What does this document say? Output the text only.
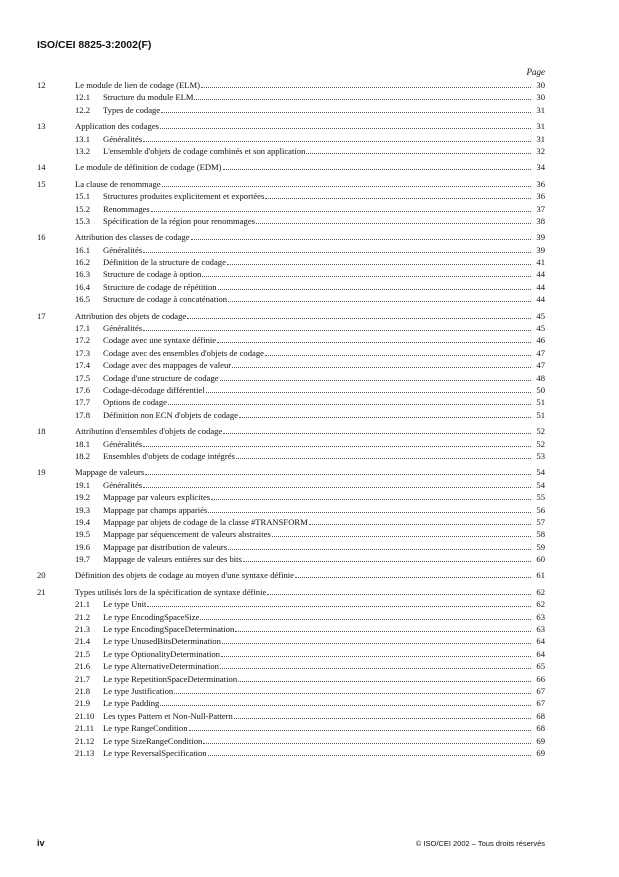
ISO/CEI 8825-3:2002(F)
Page
12	Le module de lien de codage (ELM)	30
12.1	Structure du module ELM	30
12.2	Types de codage	31
13	Application des codages	31
13.1	Généralités	31
13.2	L'ensemble d'objets de codage combinés et son application	32
14	Le module de définition de codage (EDM)	34
15	La clause de renommage	36
15.1	Structures produites explicitement et exportées	36
15.2	Renommages	37
15.3	Spécification de la région pour renommages	38
16	Attribution des classes de codage	39
16.1	Généralités	39
16.2	Définition de la structure de codage	41
16.3	Structure de codage à option	44
16.4	Structure de codage de répétition	44
16.5	Structure de codage à concaténation	44
17	Attribution des objets de codage	45
17.1	Généralités	45
17.2	Codage avec une syntaxe définie	46
17.3	Codage avec des ensembles d'objets de codage	47
17.4	Codage avec des mappages de valeur	47
17.5	Codage d'une structure de codage	48
17.6	Codage-décodage différentiel	50
17.7	Options de codage	51
17.8	Définition non ECN d'objets de codage	51
18	Attribution d'ensembles d'objets de codage	52
18.1	Généralités	52
18.2	Ensembles d'objets de codage intégrés	53
19	Mappage de valeurs	54
19.1	Généralités	54
19.2	Mappage par valeurs explicites	55
19.3	Mappage par champs appariés	56
19.4	Mappage par objets de codage de la classe #TRANSFORM	57
19.5	Mappage par séquencement de valeurs abstraites	58
19.6	Mappage par distribution de valeurs	59
19.7	Mappage de valeurs entières sur des bits	60
20	Définition des objets de codage au moyen d'une syntaxe définie	61
21	Types utilisés lors de la spécification de syntaxe définie	62
21.1	Le type Unit	62
21.2	Le type EncodingSpaceSize	63
21.3	Le type EncodingSpaceDetermination	63
21.4	Le type UnusedBitsDetermination	64
21.5	Le type OptionalityDetermination	64
21.6	Le type AlternativeDetermination	65
21.7	Le type RepetitionSpaceDetermination	66
21.8	Le type Justification	67
21.9	Le type Padding	67
21.10	Les types Pattern et Non-Null-Pattern	68
21.11	Le type RangeCondition	68
21.12	Le type SizeRangeCondition	69
21.13	Le type ReversalSpecification	69
iv	© ISO/CEI 2002 – Tous droits réservés
